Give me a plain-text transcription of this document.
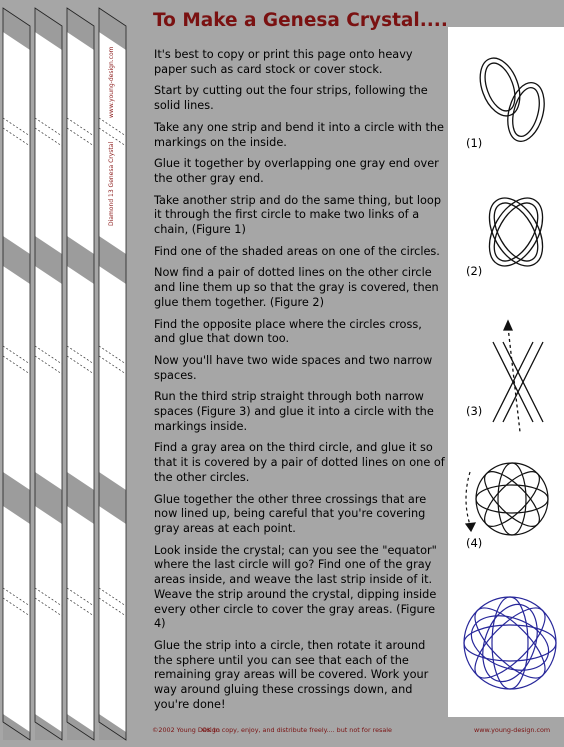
www.young-design.com
Diamond 13 Genesa Crystal
To Make a Genesa Crystal....

It's best to copy or print this page onto heavy paper such as card stock or cover stock.

Start by cutting out the four strips, following the solid lines.

Take any one strip and bend it into a circle with the markings on the inside.

Glue it together by overlapping one gray end over the other gray end.

Take another strip and do the same thing, but loop it through the first circle to make two links of a chain, (Figure 1)

Find one of the shaded areas on one of the circles.

Now find a pair of dotted lines on the other circle and line them up so that the gray is covered, then glue them together. (Figure 2)

Find the opposite place where the circles cross, and glue that down too.

Now you'll have two wide spaces and two narrow spaces.

Run the third strip straight through both narrow spaces (Figure 3) and glue it into a circle with the markings inside.

Find a gray area on the third circle, and glue it so that it is covered by a pair of dotted lines on one of the other circles.

Glue together the other three crossings that are now lined up, being careful that you're covering gray areas at each point.

Look inside the crystal; can you see the "equator" where the last circle will go? Find one of the gray areas inside, and weave the last strip inside of it. Weave the strip around the crystal, dipping inside every other circle to cover the gray areas. (Figure 4)

Glue the strip into a circle, then rotate it around the sphere until you can see that each of the remaining gray areas will be covered. Work your way around gluing these crossings down, and you're done!

(1)
(2)
(3)
(4)
©2002 Young Design
OK to copy, enjoy, and distribute freely.... but not for resale	www.young-design.com
